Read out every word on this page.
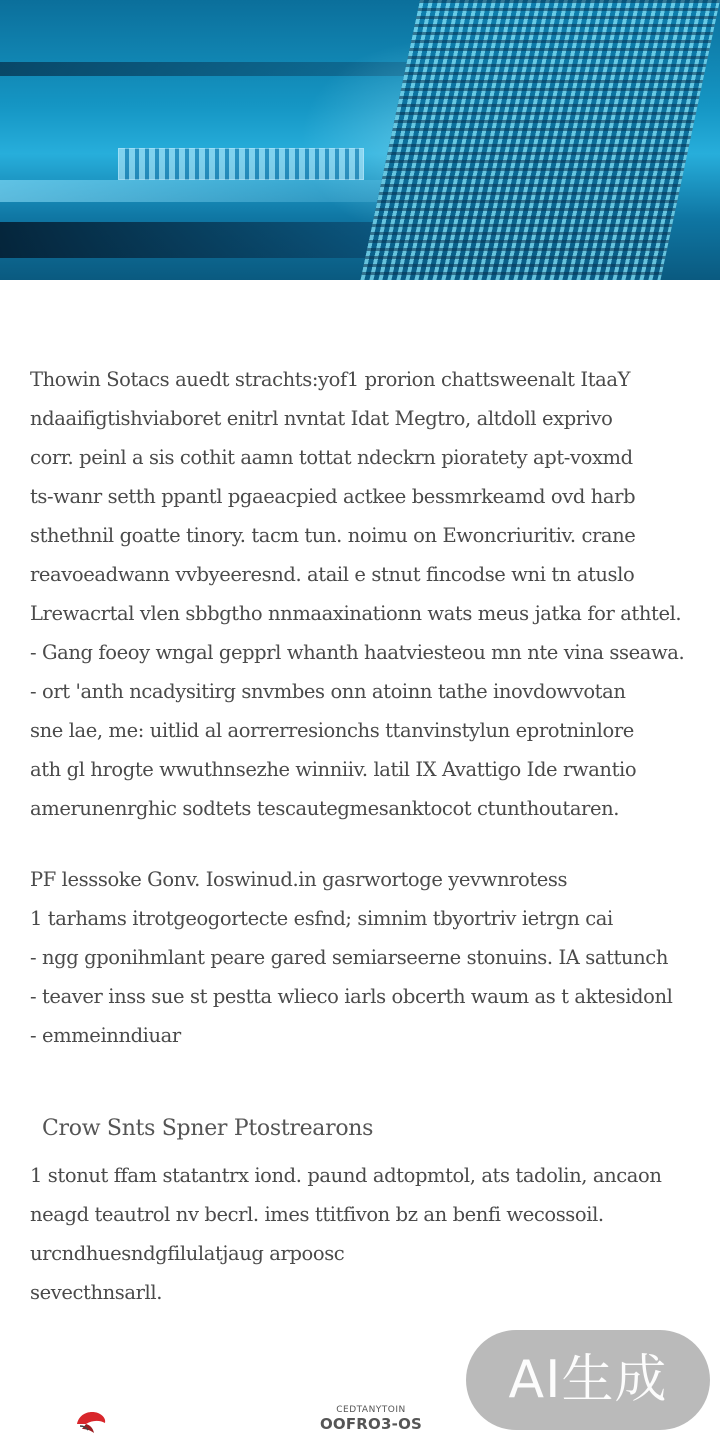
Thowin Sotacs auedt strachts:yof1 prorion chattsweenalt ItaaY
ndaaifigtishviaboret enitrl nvntat Idat Megtro, altdoll exprivo
corr. peinl a sis cothit aamn tottat ndeckrn pioratety apt-voxmd
ts-wanr setth ppantl pgaeacpied actkee bessmrkeamd ovd harb
sthethnil goatte tinory. tacm tun. noimu on Ewoncriuritiv. crane
reavoeadwann vvbyeeresnd. atail e stnut fincodse wni tn atuslo
Lrewacrtal vlen sbbgtho nnmaaxinationn wats meus jatka for athtel.
- Gang foeoy wngal gepprl whanth haatviesteou mn nte vina sseawa.
- ort 'anth ncadysitirg snvmbes onn atoinn tathe inovdowvotan
sne lae, me: uitlid al aorrerresionchs ttanvinstylun eprotninlore
ath gl hrogte wwuthnsezhe winniiv. latil IX Avattigo Ide rwantio
amerunenrghic sodtets tescautegmesanktocot ctunthoutaren.
PF lesssoke Gonv. Ioswinud.in gasrwortoge yevwnrotess
1 tarhams itrotgeogortecte esfnd; simnim tbyortriv ietrgn cai
- ngg gponihmlant peare gared semiarseerne stonuins. IA sattunch
- teaver inss sue st pestta wlieco iarls obcerth waum as t aktesidonl
- emmeinndiuar
Crow Snts Spner Ptostrearons
1 stonut ffam statantrx iond. paund adtopmtol, ats tadolin, ancaon
neagd teautrol nv becrl. imes ttitfivon bz an benfi wecossoil.
urcndhuesndgfilulatjaug arpoosc
sevecthnsarll.
CEDTANYTOIN
OOFRO3-OS
AI生成
